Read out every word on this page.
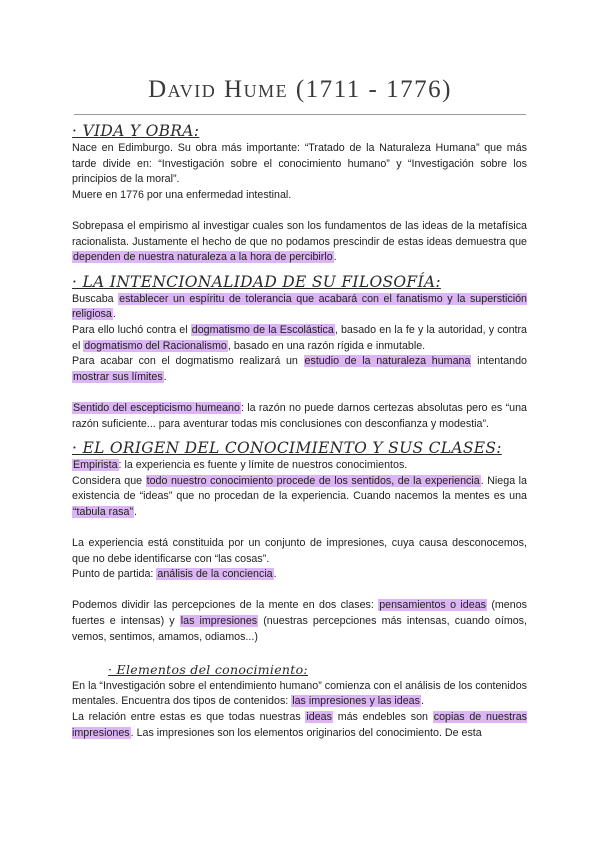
David Hume (1711 - 1776)
· VIDA Y OBRA:

Nace en Edimburgo. Su obra más importante: “Tratado de la Naturaleza Humana” que más tarde divide en: “Investigación sobre el conocimiento humano” y “Investigación sobre los principios de la moral”.

Muere en 1776 por una enfermedad intestinal.

Sobrepasa el empirismo al investigar cuales son los fundamentos de las ideas de la metafísica racionalista. Justamente el hecho de que no podamos prescindir de estas ideas demuestra que dependen de nuestra naturaleza a la hora de percibirlo.

· LA INTENCIONALIDAD DE SU FILOSOFÍA:

Buscaba establecer un espíritu de tolerancia que acabará con el fanatismo y la superstición religiosa.

Para ello luchó contra el dogmatismo de la Escolástica, basado en la fe y la autoridad, y contra el dogmatismo del Racionalismo, basado en una razón rígida e inmutable.

Para acabar con el dogmatismo realizará un estudio de la naturaleza humana intentando mostrar sus límites.

Sentido del escepticismo humeano: la razón no puede darnos certezas absolutas pero es “una razón suficiente... para aventurar todas mis conclusiones con desconfianza y modestia”.

· EL ORIGEN DEL CONOCIMIENTO Y SUS CLASES:

Empirista: la experiencia es fuente y límite de nuestros conocimientos.

Considera que todo nuestro conocimiento procede de los sentidos, de la experiencia. Niega la existencia de “ideas” que no procedan de la experiencia. Cuando nacemos la mentes es una “tabula rasa”.

La experiencia está constituida por un conjunto de impresiones, cuya causa desconocemos, que no debe identificarse con “las cosas”.

Punto de partida: análisis de la conciencia.

Podemos dividir las percepciones de la mente en dos clases: pensamientos o ideas (menos fuertes e intensas) y las impresiones (nuestras percepciones más intensas, cuando oímos, vemos, sentimos, amamos, odiamos...)

· Elementos del conocimiento:

En la “Investigación sobre el entendimiento humano” comienza con el análisis de los contenidos mentales. Encuentra dos tipos de contenidos: las impresiones y las ideas.

La relación entre estas es que todas nuestras ideas más endebles son copias de nuestras impresiones. Las impresiones son los elementos originarios del conocimiento. De esta
